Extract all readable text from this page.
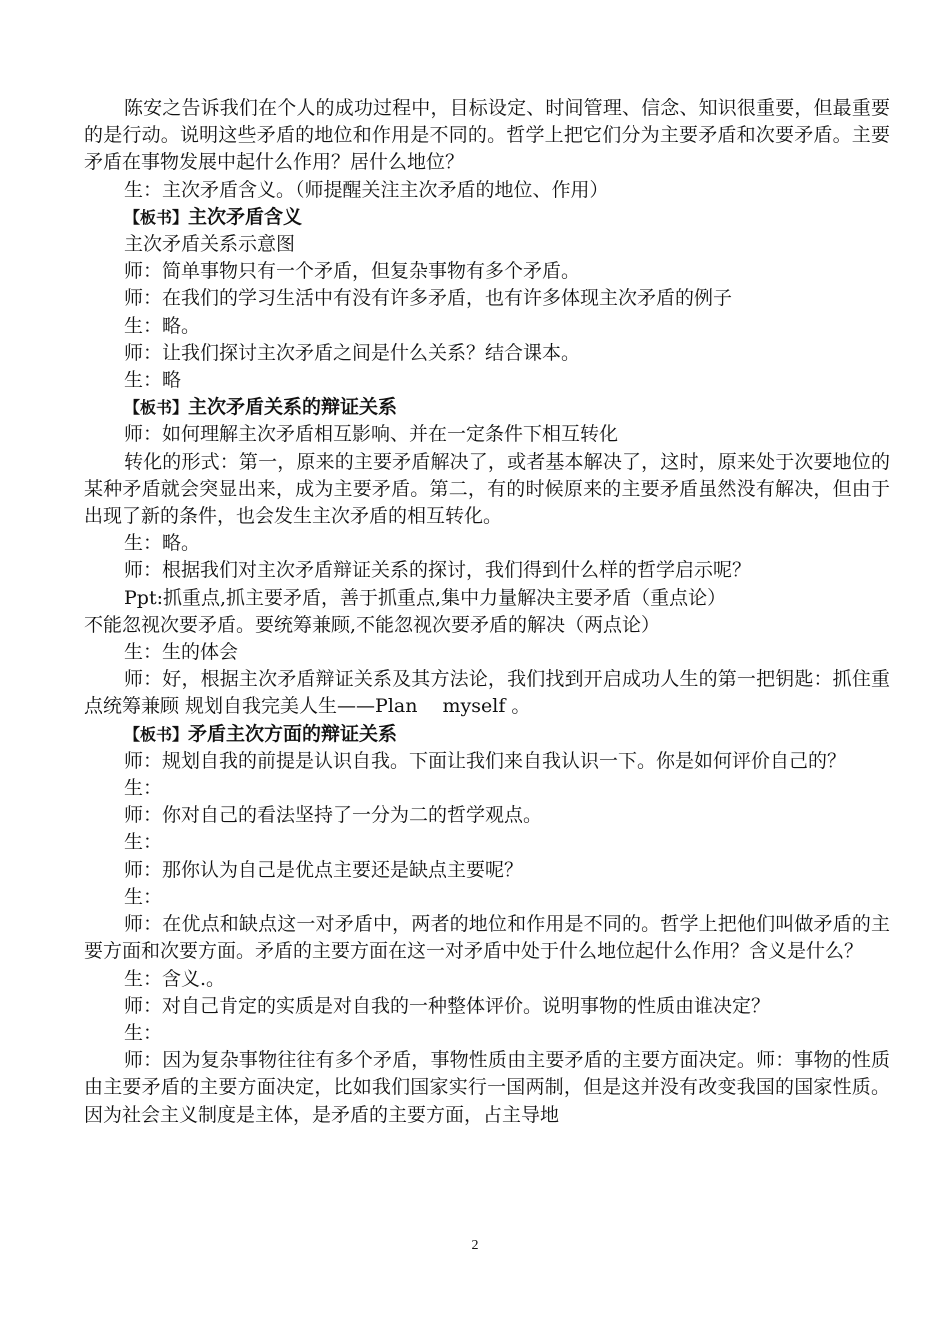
陈安之告诉我们在个人的成功过程中，目标设定、时间管理、信念、知识很重要，但最重要的是行动。说明这些矛盾的地位和作用是不同的。哲学上把它们分为主要矛盾和次要矛盾。主要矛盾在事物发展中起什么作用？居什么地位？

生：主次矛盾含义。（师提醒关注主次矛盾的地位、作用）

【板书】主次矛盾含义

主次矛盾关系示意图

师：简单事物只有一个矛盾，但复杂事物有多个矛盾。

师：在我们的学习生活中有没有许多矛盾，也有许多体现主次矛盾的例子

生：略。

师：让我们探讨主次矛盾之间是什么关系？结合课本。

生：略

【板书】主次矛盾关系的辩证关系

师：如何理解主次矛盾相互影响、并在一定条件下相互转化

转化的形式：第一，原来的主要矛盾解决了，或者基本解决了，这时，原来处于次要地位的某种矛盾就会突显出来，成为主要矛盾。第二，有的时候原来的主要矛盾虽然没有解决，但由于出现了新的条件，也会发生主次矛盾的相互转化。

生：略。

师：根据我们对主次矛盾辩证关系的探讨，我们得到什么样的哲学启示呢？

Ppt:抓重点,抓主要矛盾，善于抓重点,集中力量解决主要矛盾（重点论）

不能忽视次要矛盾。要统筹兼顾,不能忽视次要矛盾的解决（两点论）

生：生的体会

师：好，根据主次矛盾辩证关系及其方法论，我们找到开启成功人生的第一把钥匙：抓住重点统筹兼顾 规划自我完美人生——Plan　 myself 。

【板书】矛盾主次方面的辩证关系

师：规划自我的前提是认识自我。下面让我们来自我认识一下。你是如何评价自己的？

生：

师：你对自己的看法坚持了一分为二的哲学观点。

生：

师：那你认为自己是优点主要还是缺点主要呢？

生：

师：在优点和缺点这一对矛盾中，两者的地位和作用是不同的。哲学上把他们叫做矛盾的主要方面和次要方面。矛盾的主要方面在这一对矛盾中处于什么地位起什么作用？含义是什么？

生：含义.。

师：对自己肯定的实质是对自我的一种整体评价。说明事物的性质由谁决定？

生：

师：因为复杂事物往往有多个矛盾，事物性质由主要矛盾的主要方面决定。师：事物的性质由主要矛盾的主要方面决定，比如我们国家实行一国两制，但是这并没有改变我国的国家性质。因为社会主义制度是主体，是矛盾的主要方面，占主导地

2
